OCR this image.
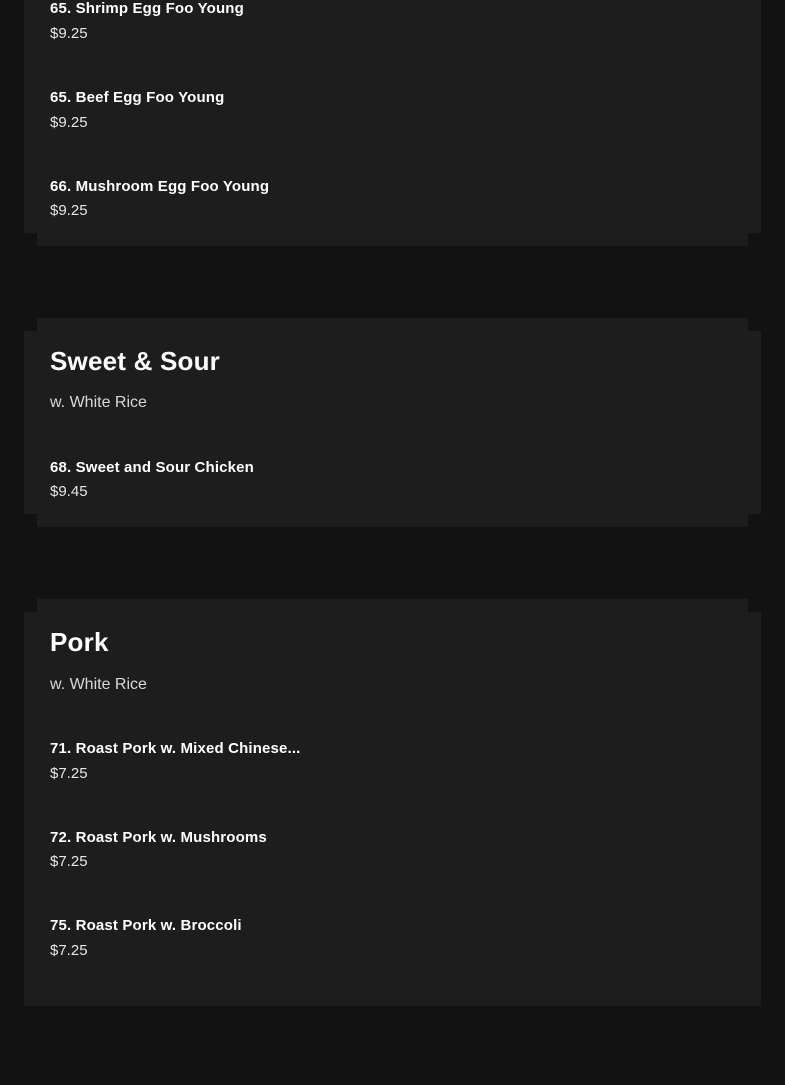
65. Shrimp Egg Foo Young

$9.25

65. Beef Egg Foo Young

$9.25

66. Mushroom Egg Foo Young

$9.25

Sweet & Sour

w. White Rice

68. Sweet and Sour Chicken

$9.45

Pork

w. White Rice

71. Roast Pork w. Mixed Chinese...

$7.25

72. Roast Pork w. Mushrooms

$7.25

75. Roast Pork w. Broccoli

$7.25
